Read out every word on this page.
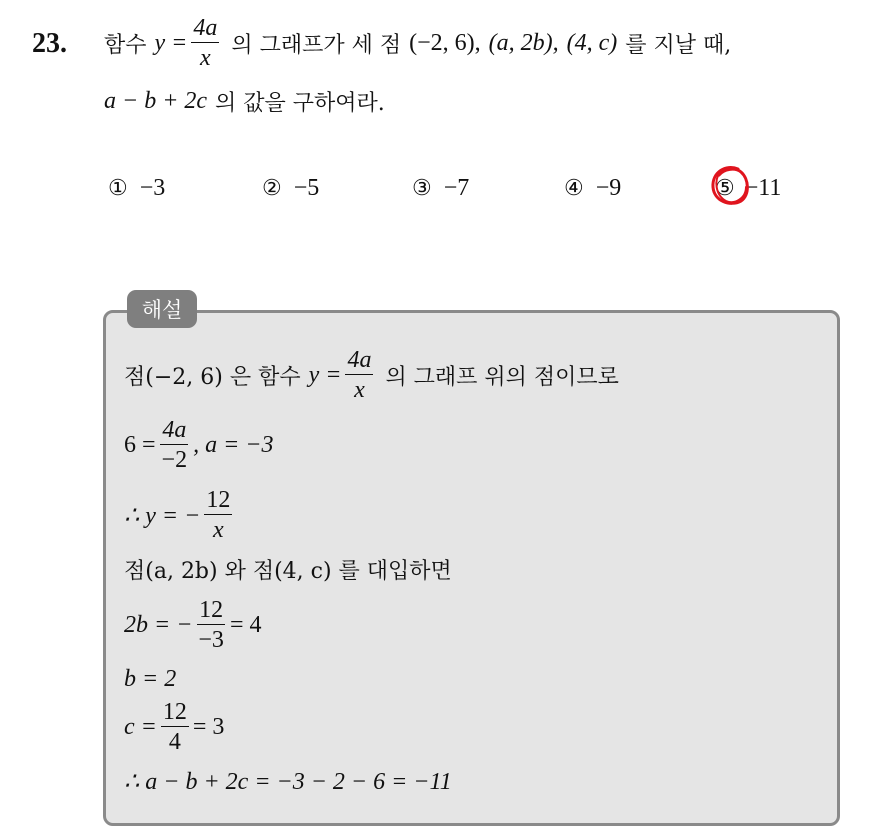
23. 함수 $y = \frac{4a}{x}$ 의 그래프가 세 점 (−2, 6), (a, 2b), (4, c) 를 지날 때,
a − b + 2c 의 값을 구하여라.
① −3	② −5	③ −7	④ −9	⑤ −11
해설
점(−2, 6) 은 함수 $y = \frac{4a}{x}$ 의 그래프 위의 점이므로
$6 = \frac{4a}{-2}$ , a = −3
∴ y = − $\frac{12}{x}$
점(a, 2b) 와 점(4, c) 를 대입하면
2b = − $\frac{12}{-3} = 4$
b = 2
$c = \frac{12}{4} = 3$
∴ a − b + 2c = −3 − 2 − 6 = −11
